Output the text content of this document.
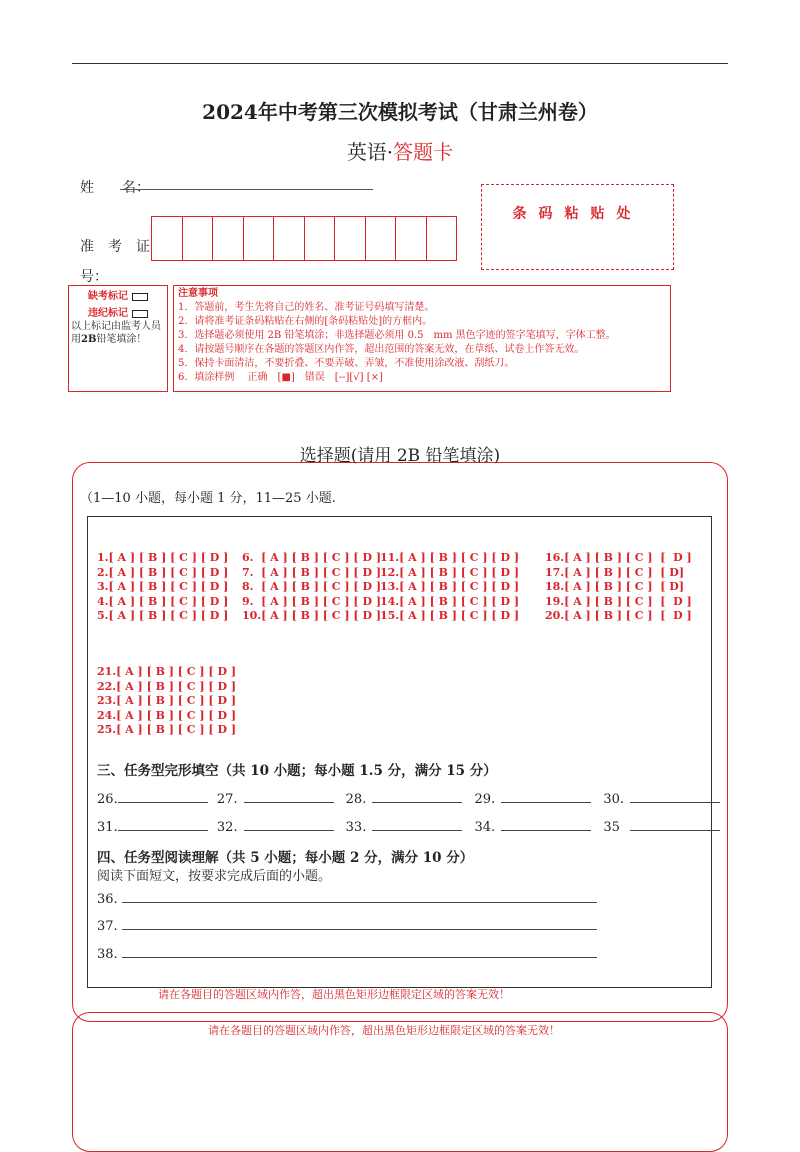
2024年中考第三次模拟考试（甘肃兰州卷）
英语·答题卡
姓　　名：
准　考　证
号：
条码粘贴处
缺考标记
违纪标记
以上标记由监考人员用2B铅笔填涂！
注意事项
1．答题前，考生先将自己的姓名、准考证号码填写清楚。
2．请将准考证条码粘贴在右侧的[条码粘贴处]的方框内。
3．选择题必须使用 2B 铅笔填涂；非选择题必须用 0.5　mm 黑色字迹的签字笔填写，字体工整。
4．请按题号顺序在各题的答题区内作答，超出范围的答案无效，在草纸、试卷上作答无效。
5．保持卡面清洁，不要折叠、不要弄破、弄皱，不准使用涂改液、刮纸刀。
6．填涂样例　 正确　[■]　错误　[--][√] [×]
选择题(请用 2B 铅笔填涂)
（1—10 小题，每小题 1 分，11—25 小题.

1.[ A ] [ B ] [ C ] [ D ]
2.[ A ] [ B ] [ C ] [ D ]
3.[ A ] [ B ] [ C ] [ D ]
4.[ A ] [ B ] [ C ] [ D ]
5.[ A ] [ B ] [ C ] [ D ]

6.  [ A ] [ B ] [ C ] [ D ]
7.  [ A ] [ B ] [ C ] [ D ]
8.  [ A ] [ B ] [ C ] [ D ]
9.  [ A ] [ B ] [ C ] [ D ]
10.[ A ] [ B ] [ C ] [ D ]

11.[ A ] [ B ] [ C ] [ D ]
12.[ A ] [ B ] [ C ] [ D ]
13.[ A ] [ B ] [ C ] [ D ]
14.[ A ] [ B ] [ C ] [ D ]
15.[ A ] [ B ] [ C ] [ D ]

16.[ A ] [ B ] [ C ]  [  D ]
17.[ A ] [ B ] [ C ]  [ D]
18.[ A ] [ B ] [ C ]  [ D]
19.[ A ] [ B ] [ C ]  [  D ]
20.[ A ] [ B ] [ C ]  [  D ]

21.[ A ] [ B ] [ C ] [ D ]
22.[ A ] [ B ] [ C ] [ D ]
23.[ A ] [ B ] [ C ] [ D ]
24.[ A ] [ B ] [ C ] [ D ]
25.[ A ] [ B ] [ C ] [ D ]

三、任务型完形填空（共 10 小题；每小题 1.5 分，满分 15 分）
26.	27.	28.	29.	30.
31.	32.	33.	34.	35
四、任务型阅读理解（共 5 小题；每小题 2 分，满分 10 分）
阅读下面短文，按要求完成后面的小题。
36.
37.
38.
请在各题目的答题区域内作答，超出黑色矩形边框限定区域的答案无效！
请在各题目的答题区域内作答，超出黑色矩形边框限定区域的答案无效！
